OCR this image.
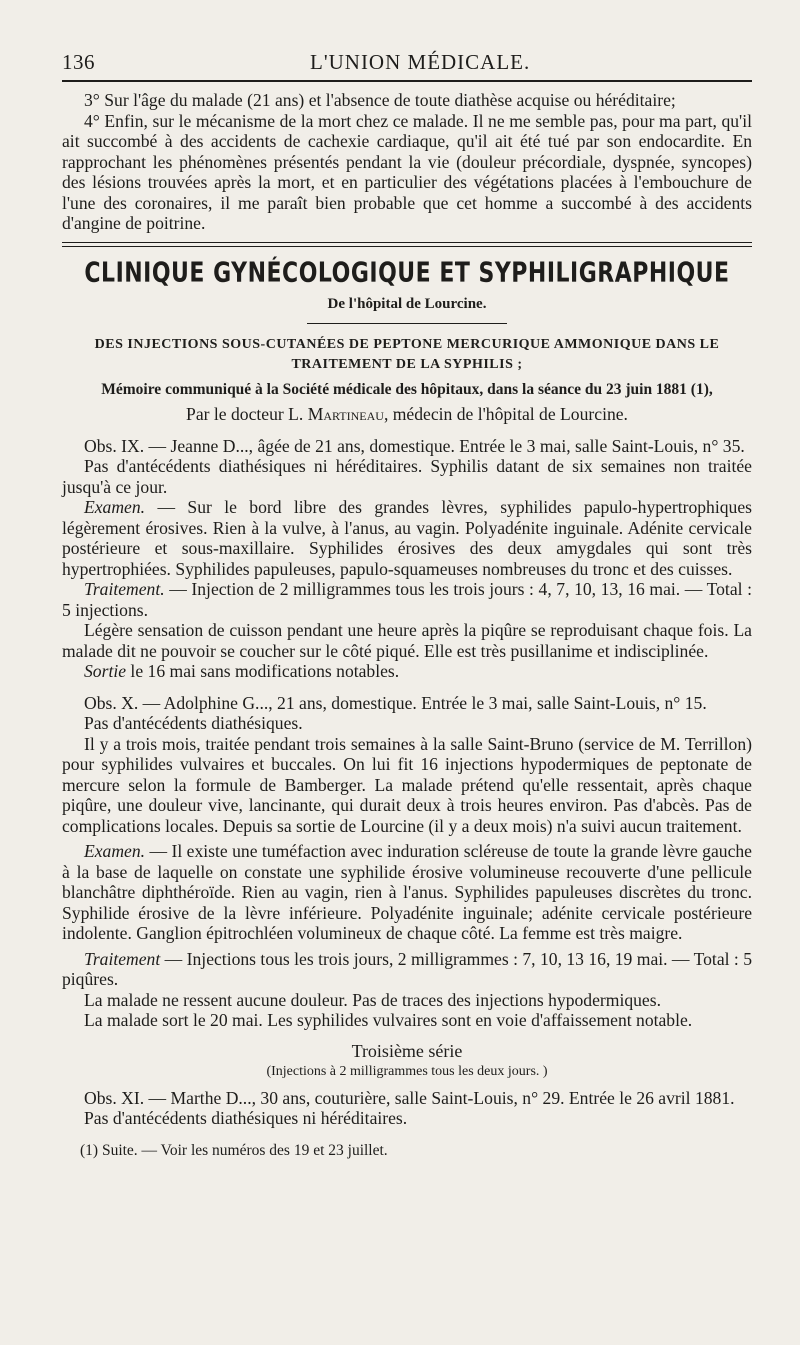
136	L'UNION MÉDICALE.

3° Sur l'âge du malade (21 ans) et l'absence de toute diathèse acquise ou héréditaire;

4° Enfin, sur le mécanisme de la mort chez ce malade. Il ne me semble pas, pour ma part, qu'il ait succombé à des accidents de cachexie cardiaque, qu'il ait été tué par son endocardite. En rapprochant les phénomènes présentés pendant la vie (douleur précordiale, dyspnée, syncopes) des lésions trouvées après la mort, et en particulier des végétations placées à l'embouchure de l'une des coronaires, il me paraît bien probable que cet homme a succombé à des accidents d'angine de poitrine.

CLINIQUE GYNÉCOLOGIQUE ET SYPHILIGRAPHIQUE
De l'hôpital de Lourcine.
DES INJECTIONS SOUS-CUTANÉES DE PEPTONE MERCURIQUE AMMONIQUE DANS LE TRAITEMENT DE LA SYPHILIS ;
Mémoire communiqué à la Société médicale des hôpitaux, dans la séance du 23 juin 1881 (1),
Par le docteur L. Martineau, médecin de l'hôpital de Lourcine.

Obs. IX. — Jeanne D..., âgée de 21 ans, domestique. Entrée le 3 mai, salle Saint-Louis, n° 35.

Pas d'antécédents diathésiques ni héréditaires. Syphilis datant de six semaines non traitée jusqu'à ce jour.

Examen. — Sur le bord libre des grandes lèvres, syphilides papulo-hypertrophiques légèrement érosives. Rien à la vulve, à l'anus, au vagin. Polyadénite inguinale. Adénite cervicale postérieure et sous-maxillaire. Syphilides érosives des deux amygdales qui sont très hypertrophiées. Syphilides papuleuses, papulo-squameuses nombreuses du tronc et des cuisses.

Traitement. — Injection de 2 milligrammes tous les trois jours : 4, 7, 10, 13, 16 mai. — Total : 5 injections.

Légère sensation de cuisson pendant une heure après la piqûre se reproduisant chaque fois. La malade dit ne pouvoir se coucher sur le côté piqué. Elle est très pusillanime et indisciplinée.

Sortie le 16 mai sans modifications notables.

Obs. X. — Adolphine G..., 21 ans, domestique. Entrée le 3 mai, salle Saint-Louis, n° 15.

Pas d'antécédents diathésiques.

Il y a trois mois, traitée pendant trois semaines à la salle Saint-Bruno (service de M. Terrillon) pour syphilides vulvaires et buccales. On lui fit 16 injections hypodermiques de peptonate de mercure selon la formule de Bamberger. La malade prétend qu'elle ressentait, après chaque piqûre, une douleur vive, lancinante, qui durait deux à trois heures environ. Pas d'abcès. Pas de complications locales. Depuis sa sortie de Lourcine (il y a deux mois) n'a suivi aucun traitement.

Examen. — Il existe une tuméfaction avec induration scléreuse de toute la grande lèvre gauche à la base de laquelle on constate une syphilide érosive volumineuse recouverte d'une pellicule blanchâtre diphthéroïde. Rien au vagin, rien à l'anus. Syphilides papuleuses discrètes du tronc. Syphilide érosive de la lèvre inférieure. Polyadénite inguinale; adénite cervicale postérieure indolente. Ganglion épitrochléen volumineux de chaque côté. La femme est très maigre.

Traitement — Injections tous les trois jours, 2 milligrammes : 7, 10, 13 16, 19 mai. — Total : 5 piqûres.

La malade ne ressent aucune douleur. Pas de traces des injections hypodermiques.

La malade sort le 20 mai. Les syphilides vulvaires sont en voie d'affaissement notable.

Troisième série
(Injections à 2 milligrammes tous les deux jours. )

Obs. XI. — Marthe D..., 30 ans, couturière, salle Saint-Louis, n° 29. Entrée le 26 avril 1881.

Pas d'antécédents diathésiques ni héréditaires.

(1) Suite. — Voir les numéros des 19 et 23 juillet.
